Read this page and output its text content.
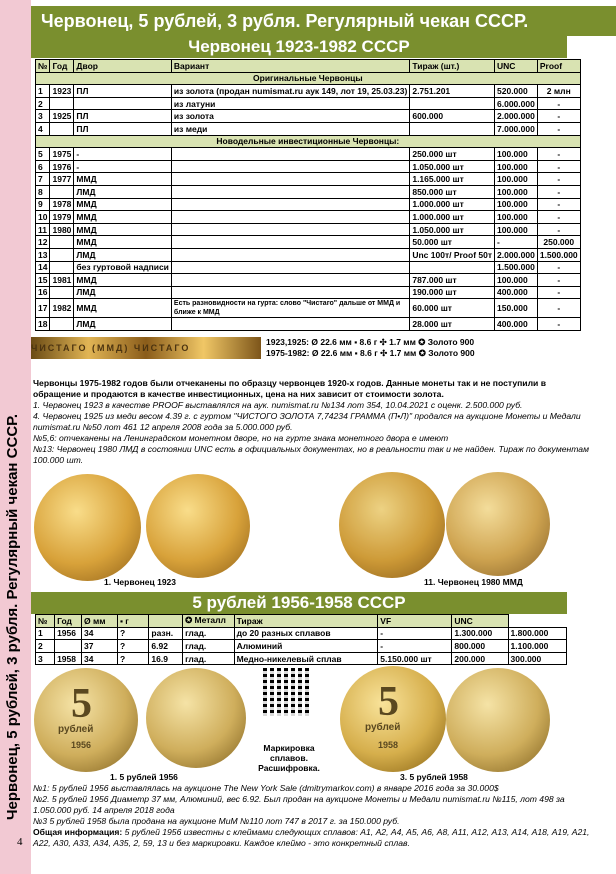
Червонец, 5 рублей, 3 рубля. Регулярный чекан СССР.
4
Червонец, 5 рублей, 3 рубля. Регулярный чекан СССР.
Червонец 1923-1982 СССР
№	Год	Двор	Вариант	Тираж (шт.)	UNC	Proof
Оригинальные Червонцы						
1	1923	ПЛ	из золота (продан numismat.ru аук 149, лот 19, 25.03.23)	2.751.201	520.000	2 млн
2			из латуни		6.000.000	-
3	1925	ПЛ	из золота	600.000	2.000.000	-
4		ПЛ	из меди		7.000.000	-
Новодельные инвестиционные Червонцы:						
5	1975	-		250.000 шт	100.000	-
6	1976	-		1.050.000 шт	100.000	-
7	1977	ММД		1.165.000 шт	100.000	-
8		ЛМД		850.000 шт	100.000	-
9	1978	ММД		1.000.000 шт	100.000	-
10	1979	ММД		1.000.000 шт	100.000	-
11	1980	ММД		1.050.000 шт	100.000	-
12		ММД		50.000 шт	-	250.000
13		ЛМД		Unc 100т/ Proof 50т	2.000.000	1.500.000
14		без гуртовой надписи			1.500.000	-
15	1981	ММД		787.000 шт	100.000	-
16		ЛМД		190.000 шт	400.000	-
17	1982	ММД	Есть разновидности на гурта: слово "Чистаго" дальше от ММД и ближе к ММД	60.000 шт	150.000	-
18		ЛМД		28.000 шт	400.000	-
ЧИСТАГО (ММД) ЧИСТАГО
1923,1925: Ø 22.6 мм ▪ 8.6 г ✣ 1.7 мм ✪ Золото 900
1975-1982: Ø 22.6 мм ▪ 8.6 г ✣ 1.7 мм ✪ Золото 900
Червонцы 1975-1982 годов были отчеканены по образцу червонцев 1920-х годов. Данные монеты так и не поступили в обращение и продаются в качестве инвестиционных, цена на них зависит от стоимости золота.
1. Червонец 1923 в качестве PROOF выставлялся на аук. numismat.ru №134 лот 354, 10.04.2021 с оценк. 2.500.000 руб.
4. Червонец 1925 из меди весом 4.39 г. с гуртом "ЧИСТОГО ЗОЛОТА 7,74234 ГРАММА (П•Л)" продался на аукционе Монеты и Медали numismat.ru №50 лот 461 12 апреля 2008 года за 5.000.000 руб.
№5,6: отчеканены на Ленинградском монетном дворе, но на гурте знака монетного двора е имеют
№13: Червонец 1980 ЛМД в состоянии UNC есть в официальных документах, но в реальности так и не найден. Тираж по документам 100.000 шт.
1. Червонец 1923	11. Червонец 1980 ММД
5 рублей 1956-1958 СССР
№	Год	Ø мм	▪ г		✪ Металл	Тираж	VF	UNC	
1	1956	34	?	разн.	глад.	до 20 разных сплавов	-	1.300.000	1.800.000
2		37	?	6.92	глад.	Алюминий	-	800.000	1.100.000
3	1958	34	?	16.9	глад.	Медно-никелевый сплав	5.150.000 шт	200.000	300.000
5
рублей
1956	Маркировка сплавов. Расшифровка.
5
рублей
1958
1. 5 рублей 1956	3. 5 рублей 1958
№1: 5 рублей 1956 выставлялась на аукционе The New York Sale (dmitrymarkov.com) в январе 2016 года за 30.000$
№2. 5 рублей 1956 Диаметр 37 мм, Алюминий, вес 6.92. Был продан на аукционе Монеты и Медали numismat.ru №115, лот 498 за 1.050.000 руб. 14 апреля 2018 года
№3 5 рублей 1958 была продана на аукционе МиМ №110 лот 747 в 2017 г. за 150.000 руб.
Общая информация: 5 рублей 1956 известны с клеймами следующих сплавов: А1, А2, А4, А5, А6, А8, А11, А12, А13, А14, А18, А19, А21, А22, А30, А33, А34, А35, 2, 59, 13 и без маркировки. Каждое клеймо - это конкретный сплав.
